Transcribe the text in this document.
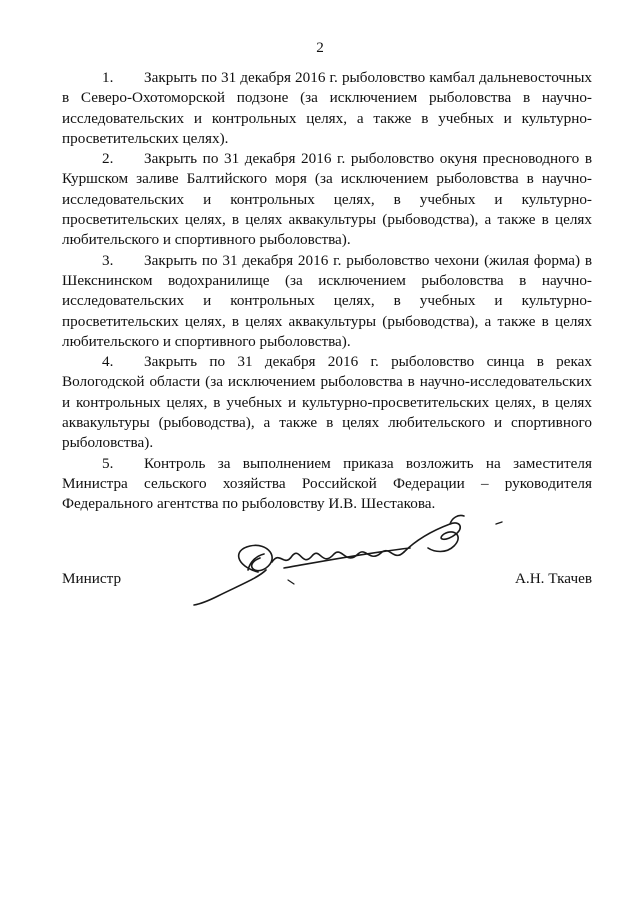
2

1. Закрыть по 31 декабря 2016 г. рыболовство камбал дальневосточных в Северо-Охотоморской подзоне (за исключением рыболовства в научно-исследовательских и контрольных целях, а также в учебных и культурно-просветительских целях).

2. Закрыть по 31 декабря 2016 г. рыболовство окуня пресноводного в Куршском заливе Балтийского моря (за исключением рыболовства в научно-исследовательских и контрольных целях, в учебных и культурно-просветительских целях, в целях аквакультуры (рыбоводства), а также в целях любительского и спортивного рыболовства).

3. Закрыть по 31 декабря 2016 г. рыболовство чехони (жилая форма) в Шекснинском водохранилище (за исключением рыболовства в научно-исследовательских и контрольных целях, в учебных и культурно-просветительских целях, в целях аквакультуры (рыбоводства), а также в целях любительского и спортивного рыболовства).

4. Закрыть по 31 декабря 2016 г. рыболовство синца в реках Вологодской области (за исключением рыболовства в научно-исследовательских и контрольных целях, в учебных и культурно-просветительских целях, в целях аквакультуры (рыбоводства), а также в целях любительского и спортивного рыболовства).

5. Контроль за выполнением приказа возложить на заместителя Министра сельского хозяйства Российской Федерации – руководителя Федерального агентства по рыболовству И.В. Шестакова.

Министр	А.Н. Ткачев
